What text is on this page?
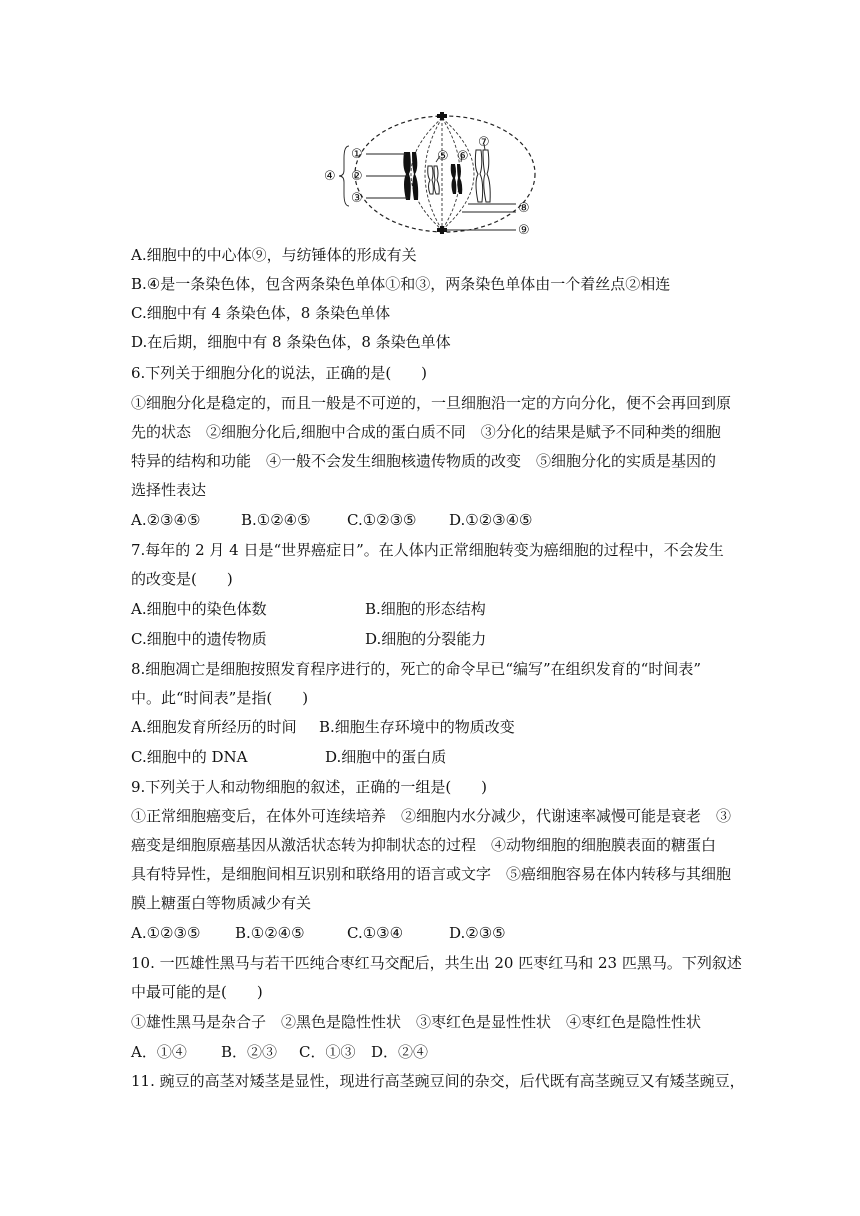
①
②
③
④
⑤ ⑥
⑦
⑧
⑨
A.细胞中的中心体⑨，与纺锤体的形成有关
B.④是一条染色体，包含两条染色单体①和③，两条染色单体由一个着丝点②相连
C.细胞中有 4 条染色体，8 条染色单体
D.在后期，细胞中有 8 条染色体，8 条染色单体
6.下列关于细胞分化的说法，正确的是(　　)
①细胞分化是稳定的，而且一般是不可逆的，一旦细胞沿一定的方向分化，便不会再回到原
先的状态　②细胞分化后,细胞中合成的蛋白质不同　③分化的结果是赋予不同种类的细胞
特异的结构和功能　④一般不会发生细胞核遗传物质的改变　⑤细胞分化的实质是基因的
选择性表达
A.②③④⑤	B.①②④⑤ C.①②③⑤ D.①②③④⑤
7.每年的 2 月 4 日是“世界癌症日”。在人体内正常细胞转变为癌细胞的过程中，不会发生
的改变是(　　)
A.细胞中的染色体数	B.细胞的形态结构
C.细胞中的遗传物质	D.细胞的分裂能力
8.细胞凋亡是细胞按照发育程序进行的，死亡的命令早已“编写”在组织发育的“时间表”
中。此“时间表”是指(　　)
A.细胞发育所经历的时间 B.细胞生存环境中的物质改变
C.细胞中的 DNA	D.细胞中的蛋白质
9.下列关于人和动物细胞的叙述，正确的一组是(　　)
①正常细胞癌变后，在体外可连续培养　②细胞内水分减少，代谢速率减慢可能是衰老　③
癌变是细胞原癌基因从激活状态转为抑制状态的过程　④动物细胞的细胞膜表面的糖蛋白
具有特异性，是细胞间相互识别和联络用的语言或文字　⑤癌细胞容易在体内转移与其细胞
膜上糖蛋白等物质减少有关
A.①②③⑤ B.①②④⑤	C.①③④	D.②③⑤
10. 一匹雄性黑马与若干匹纯合枣红马交配后，共生出 20 匹枣红马和 23 匹黑马。下列叙述
中最可能的是(　　)
①雄性黑马是杂合子　②黑色是隐性性状　③枣红色是显性性状　④枣红色是隐性性状
A．①④ B．②③ C．①③ D．②④
11. 豌豆的高茎对矮茎是显性，现进行高茎豌豆间的杂交，后代既有高茎豌豆又有矮茎豌豆，
